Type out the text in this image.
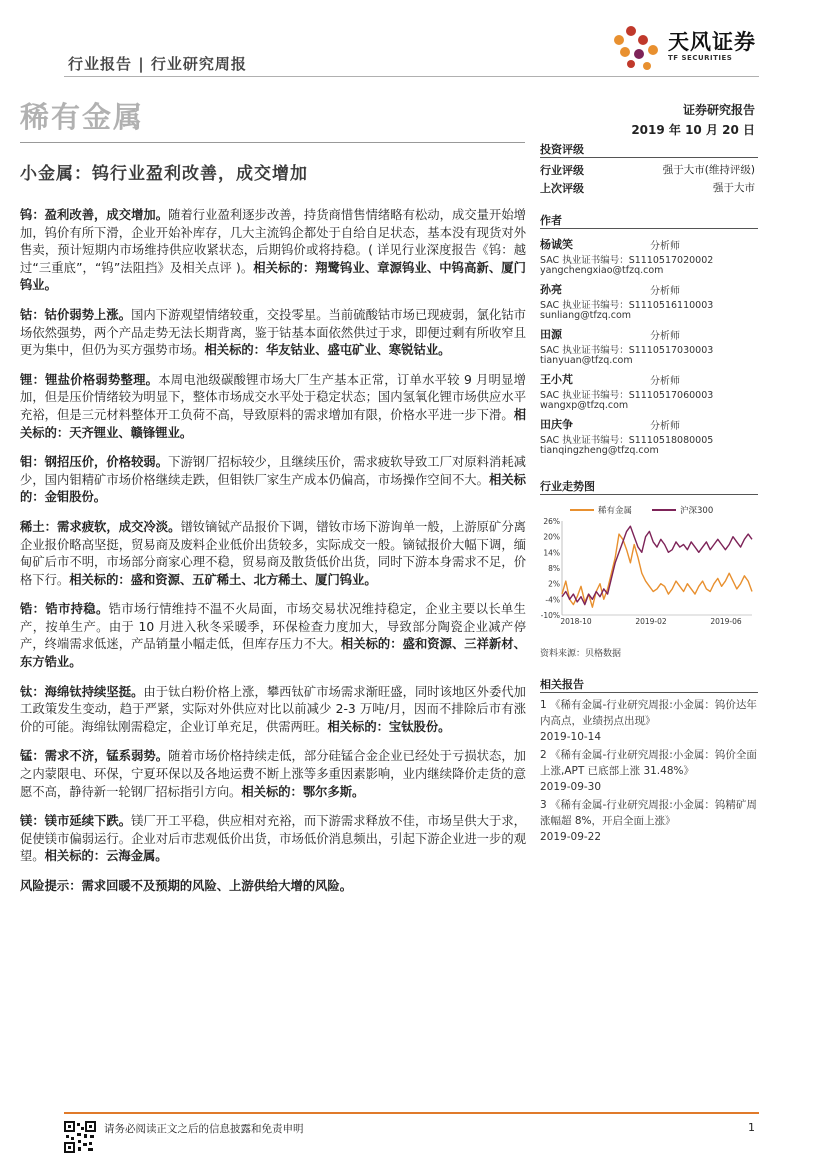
行业报告 | 行业研究周报
天风证券
TF SECURITIES
稀有金属	证券研究报告
2019 年 10 月 20 日
小金属：钨行业盈利改善，成交增加
投资评级
行业评级	强于大市(维持评级)
上次评级	强于大市
作者
杨诚笑	分析师
SAC 执业证书编号：S1110517020002
yangchengxiao@tfzq.com
孙亮	分析师
SAC 执业证书编号：S1110516110003
sunliang@tfzq.com
田源	分析师
SAC 执业证书编号：S1110517030003
tianyuan@tfzq.com
王小芃	分析师
SAC 执业证书编号：S1110517060003
wangxp@tfzq.com
田庆争	分析师
SAC 执业证书编号：S1110518080005
tianqingzheng@tfzq.com
行业走势图
稀有金属	沪深300
-10%
-4%
2%
8%
14%
20%
26%
2018-10	2019-02	2019-06
资料来源：贝格数据
相关报告
1 《稀有金属-行业研究周报:小金属：钨价达年内高点，业绩拐点出现》
2019-10-14
2 《稀有金属-行业研究周报:小金属：钨价全面上涨,APT 已底部上涨 31.48%》
2019-09-30
3 《稀有金属-行业研究周报:小金属：钨精矿周涨幅超 8%，开启全面上涨》
2019-09-22

钨：盈利改善，成交增加。随着行业盈利逐步改善，持货商惜售情绪略有松动，成交量开始增加，钨价有所下滑，企业开始补库存，几大主流钨企都处于自给自足状态，基本没有现货对外售卖，预计短期内市场维持供应收紧状态，后期钨价或将持稳。( 详见行业深度报告《钨：越过“三重底”，“钨”法阻挡》及相关点评 )。相关标的：翔鹭钨业、章源钨业、中钨高新、厦门钨业。

钴：钴价弱势上涨。国内下游观望情绪较重，交投零星。当前硫酸钴市场已现疲弱，氯化钴市场依然强势，两个产品走势无法长期背离，鉴于钴基本面依然供过于求，即便过剩有所收窄且更为集中，但仍为买方强势市场。相关标的：华友钴业、盛屯矿业、寒锐钴业。

锂：锂盐价格弱势整理。本周电池级碳酸锂市场大厂生产基本正常，订单水平较 9 月明显增加，但是压价情绪较为明显下，整体市场成交水平处于稳定状态；国内氢氧化锂市场供应水平充裕，但是三元材料整体开工负荷不高，导致原料的需求增加有限，价格水平进一步下滑。相关标的：天齐锂业、赣锋锂业。

钼：钢招压价，价格较弱。下游钢厂招标较少，且继续压价，需求疲软导致工厂对原料消耗减少，国内钼精矿市场价格继续走跌，但钼铁厂家生产成本仍偏高，市场操作空间不大。相关标的：金钼股份。

稀土：需求疲软，成交冷淡。镨钕镝铽产品报价下调，镨钕市场下游询单一般，上游原矿分离企业报价略高坚挺，贸易商及废料企业低价出货较多，实际成交一般。镝铽报价大幅下调，缅甸矿后市不明，市场部分商家心理不稳，贸易商及散货低价出货，同时下游本身需求不足，价格下行。相关标的：盛和资源、五矿稀土、北方稀土、厦门钨业。

锆：锆市持稳。锆市场行情维持不温不火局面，市场交易状况维持稳定，企业主要以长单生产，按单生产。由于 10 月进入秋冬采暖季，环保检查力度加大，导致部分陶瓷企业减产停产，终端需求低迷，产品销量小幅走低，但库存压力不大。相关标的：盛和资源、三祥新材、东方锆业。

钛：海绵钛持续坚挺。由于钛白粉价格上涨，攀西钛矿市场需求渐旺盛，同时该地区外委代加工政策发生变动，趋于严紧，实际对外供应对比以前减少 2-3 万吨/月，因而不排除后市有涨价的可能。海绵钛刚需稳定，企业订单充足，供需两旺。相关标的：宝钛股份。

锰：需求不济，锰系弱势。随着市场价格持续走低，部分硅锰合金企业已经处于亏损状态，加之内蒙限电、环保，宁夏环保以及各地运费不断上涨等多重因素影响，业内继续降价走货的意愿不高，静待新一轮钢厂招标指引方向。相关标的：鄂尔多斯。

镁：镁市延续下跌。镁厂开工平稳，供应相对充裕，而下游需求释放不佳，市场呈供大于求，促使镁市偏弱运行。企业对后市悲观低价出货，市场低价消息频出，引起下游企业进一步的观望。相关标的：云海金属。

风险提示：需求回暖不及预期的风险、上游供给大增的风险。
请务必阅读正文之后的信息披露和免责申明	1
